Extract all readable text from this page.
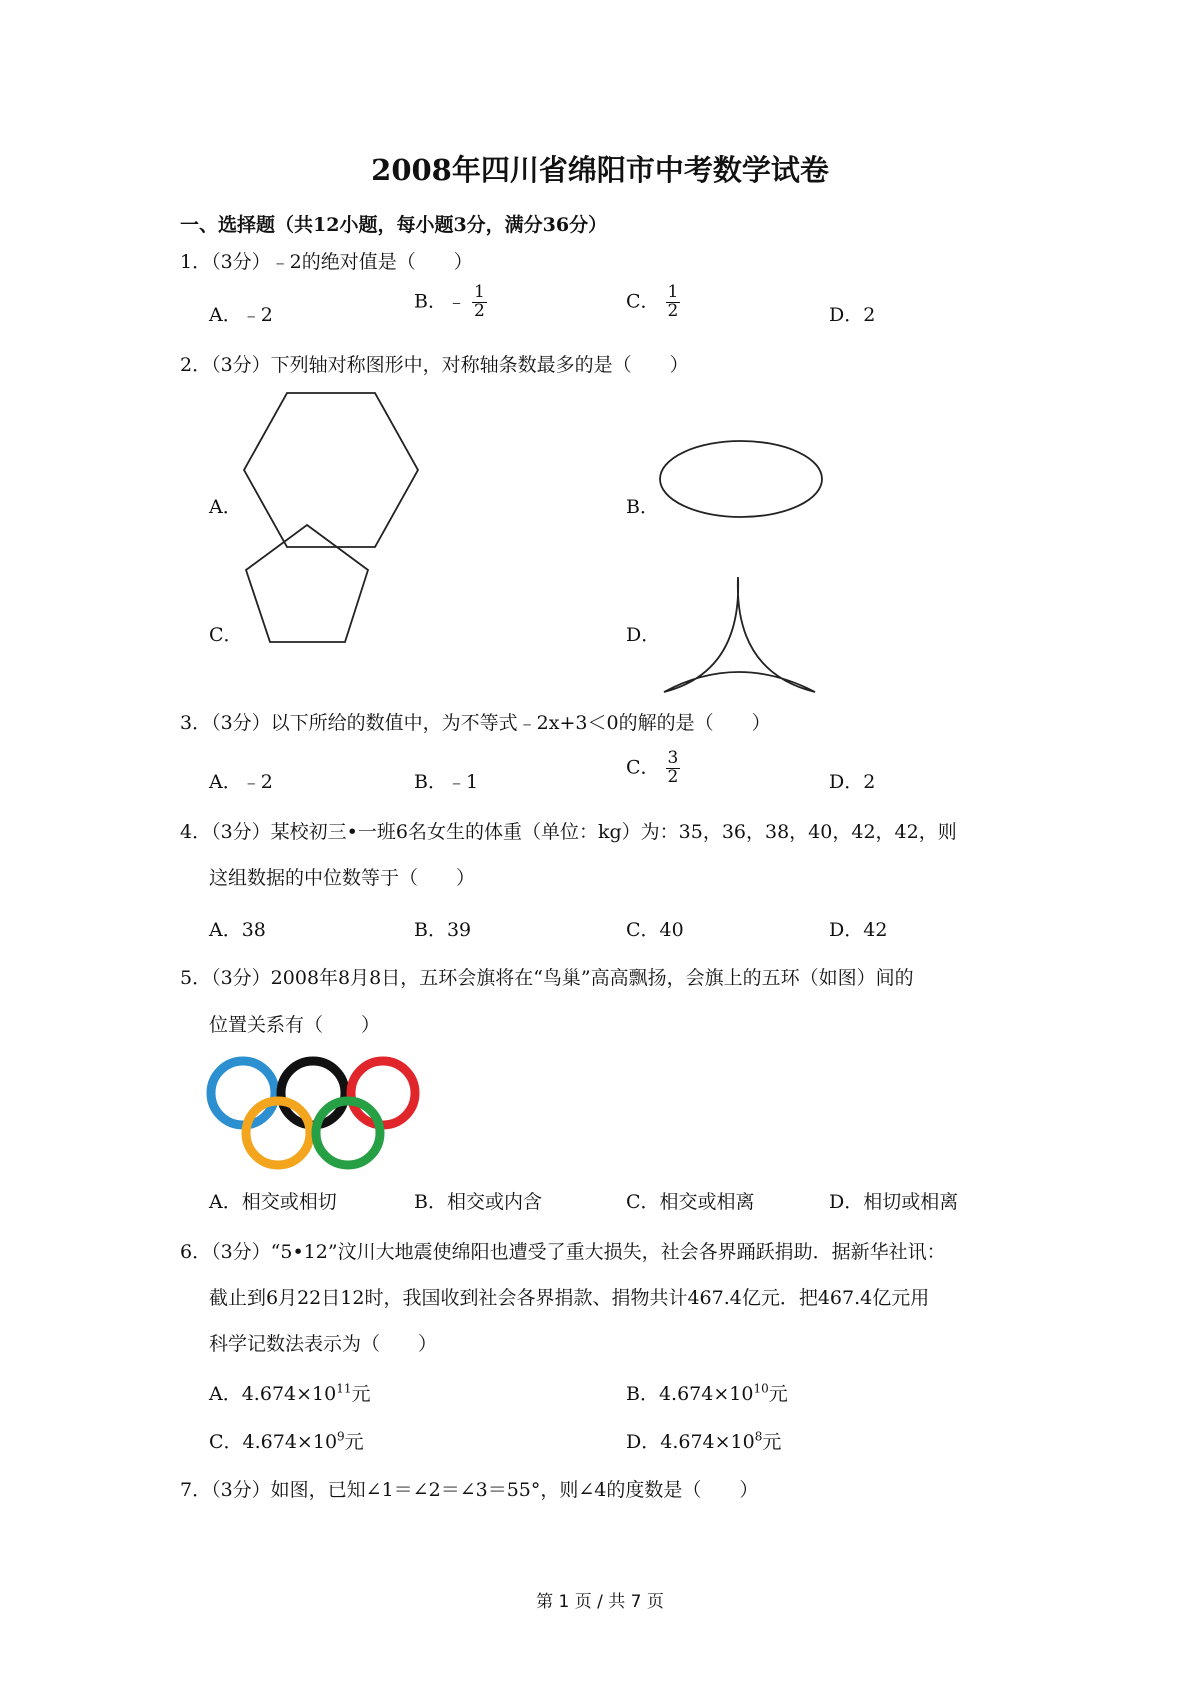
2008年四川省绵阳市中考数学试卷
一、选择题（共12小题，每小题3分，满分36分）
1．（3分）﹣2的绝对值是（　　）
A．﹣2
B．﹣ $\frac{1}{2}$	C． $\frac{1}{2}$	D．2
2．（3分）下列轴对称图形中，对称轴条数最多的是（　　）
A．	B．
C．	D．
3．（3分）以下所给的数值中，为不等式﹣2x+3＜0的解的是（　　）
A．﹣2	B．﹣1
C． $\frac{3}{2}$	D．2
4．（3分）某校初三•一班6名女生的体重（单位：kg）为：35，36，38，40，42，42，则
这组数据的中位数等于（　　）
A．38	B．39	C．40	D．42
5．（3分）2008年8月8日，五环会旗将在“鸟巢”高高飘扬，会旗上的五环（如图）间的
位置关系有（　　）
A．相交或相切	B．相交或内含	C．相交或相离	D．相切或相离
6．（3分）“5•12”汶川大地震使绵阳也遭受了重大损失，社会各界踊跃捐助．据新华社讯：
截止到6月22日12时，我国收到社会各界捐款、捐物共计467.4亿元．把467.4亿元用
科学记数法表示为（　　）
A．$4.674\times 10^{11}$元	B．$4.674\times 10^{10}$元
C．$4.674\times 10^9$元	D．$4.674\times 10^8$元
7．（3分）如图，已知∠1＝∠2＝∠3＝55°，则∠4的度数是（　　）
第 1 页 / 共 7 页
